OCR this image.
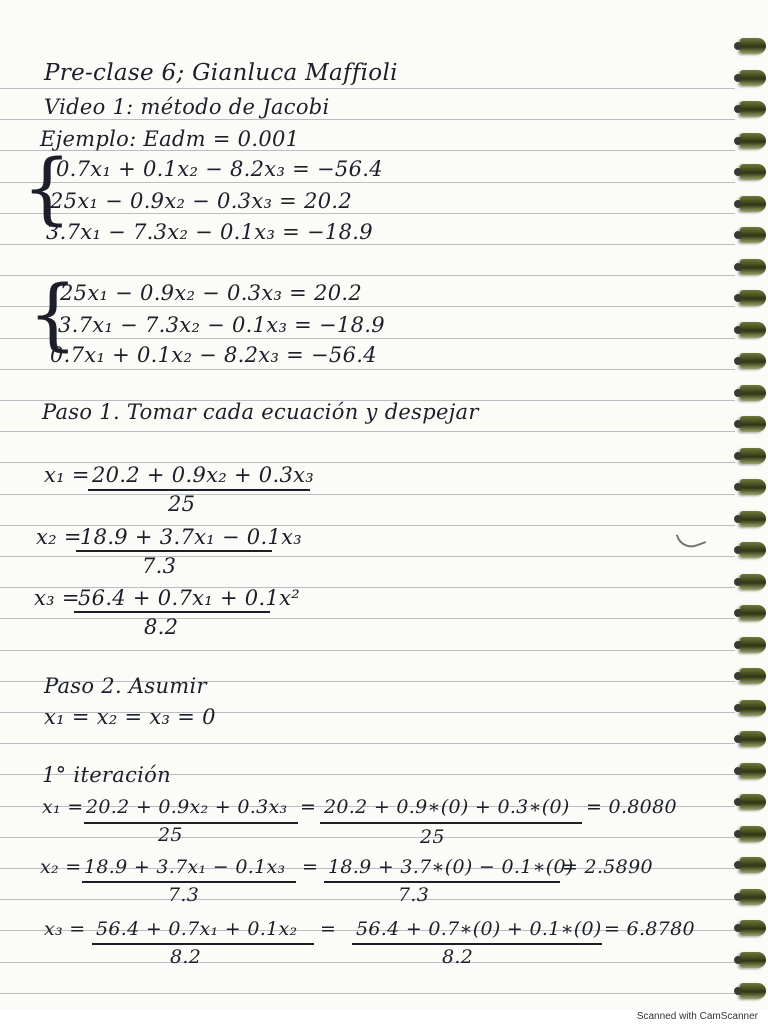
Pre-clase 6; Gianluca Maffioli
Video 1: método de Jacobi
Ejemplo: Eadm = 0.001
{
0.7x₁ + 0.1x₂ − 8.2x₃ = −56.4
25x₁ − 0.9x₂ − 0.3x₃ = 20.2
3.7x₁ − 7.3x₂ − 0.1x₃ = −18.9
{
25x₁ − 0.9x₂ − 0.3x₃ = 20.2
3.7x₁ − 7.3x₂ − 0.1x₃ = −18.9
0.7x₁ + 0.1x₂ − 8.2x₃ = −56.4
Paso 1. Tomar cada ecuación y despejar
x₁ = 20.2 + 0.9x₂ + 0.3x₃
25
x₂ =
18.9 + 3.7x₁ − 0.1x₃
7.3
x₃ =
56.4 + 0.7x₁ + 0.1x²
8.2
Paso 2. Asumir
x₁ = x₂ = x₃ = 0
1° iteración
x₁ = 20.2 + 0.9x₂ + 0.3x₃
25
= 20.2 + 0.9∗(0) + 0.3∗(0) = 0.8080
25
x₂ = 18.9 + 3.7x₁ − 0.1x₃
7.3
= 18.9 + 3.7∗(0) − 0.1∗(0)
= 2.5890
7.3
x₃ = 56.4 + 0.7x₁ + 0.1x₂
8.2
= 56.4 + 0.7∗(0) + 0.1∗(0) = 6.8780
8.2
Scanned with CamScanner
